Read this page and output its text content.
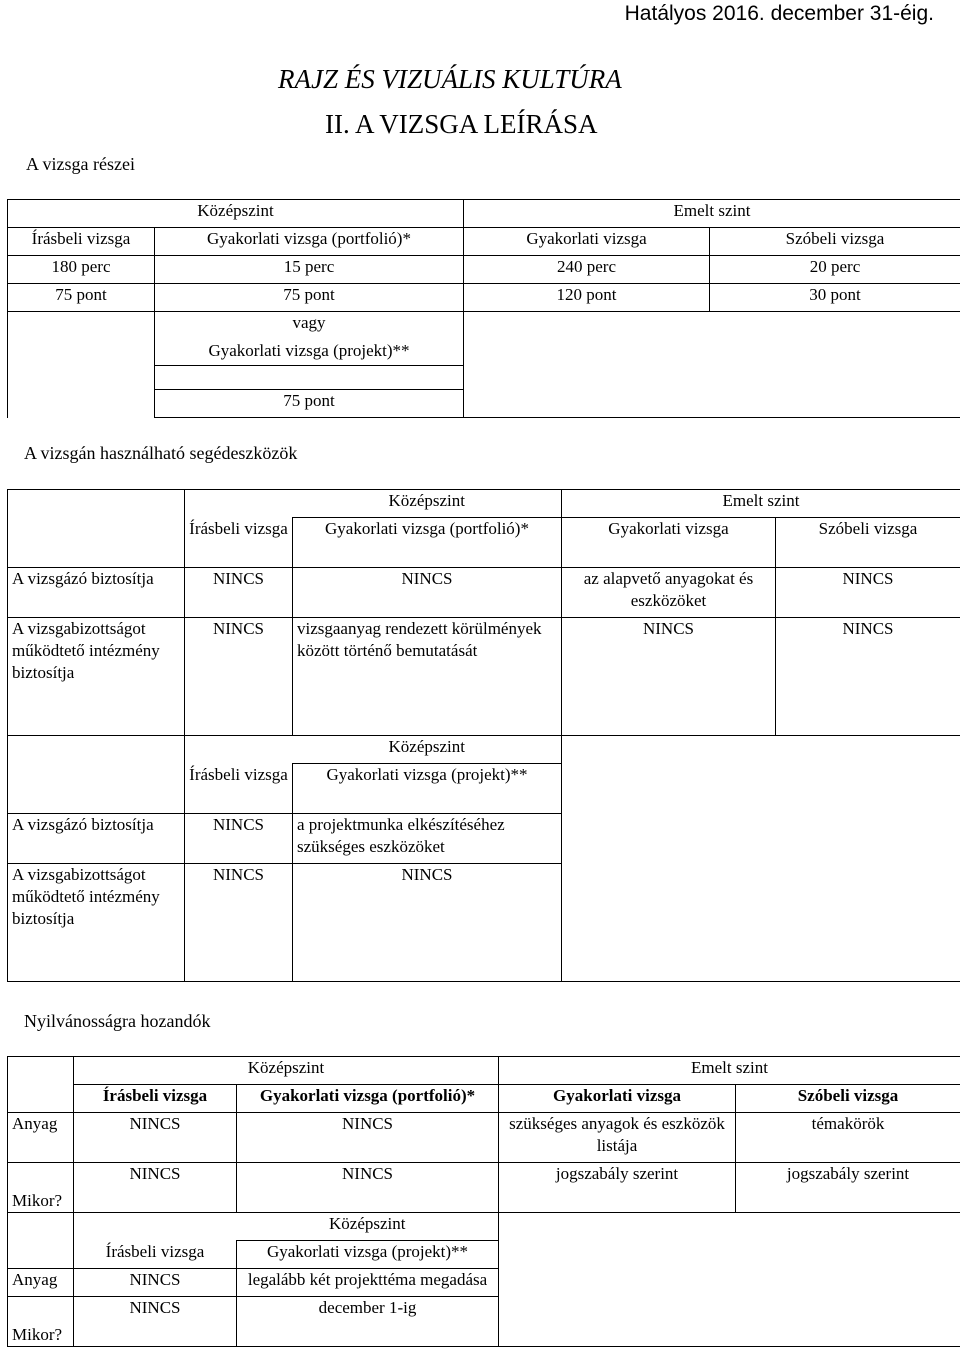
Hatályos 2016. december 31-éig.
RAJZ ÉS VIZUÁLIS KULTÚRA
II. A VIZSGA LEÍRÁSA
A vizsga részei
Középszint		Emelt szint	
Írásbeli vizsga	Gyakorlati vizsga (portfolió)*	Gyakorlati vizsga	Szóbeli vizsga
180 perc	15 perc	240 perc	20 perc
75 pont	75 pont	120 pont	30 pont
	vagy		
	Gyakorlati vizsga (projekt)**		

	75 pont		
A vizsgán használható segédeszközök
		Középszint	Emelt szint	
	Írásbeli vizsga	Gyakorlati vizsga (portfolió)*	Gyakorlati vizsga	Szóbeli vizsga
A vizsgázó biztosítja	NINCS	NINCS	az alapvető anyagokat és eszközöket	NINCS
A vizsgabizottságot működtető intézmény biztosítja	NINCS	vizsgaanyag rendezett körülmények között történő bemutatását	NINCS	NINCS
		Középszint		
	Írásbeli vizsga	Gyakorlati vizsga (projekt)**		
A vizsgázó biztosítja	NINCS	a projektmunka elkészítéséhez szükséges eszközöket		
A vizsgabizottságot működtető intézmény biztosítja	NINCS	NINCS		
Nyilvánosságra hozandók
	Középszint		Emelt szint	
	Írásbeli vizsga	Gyakorlati vizsga (portfolió)*	Gyakorlati vizsga	Szóbeli vizsga
Anyag	NINCS	NINCS	szükséges anyagok és eszközök listája	témakörök
Mikor?	NINCS	NINCS	jogszabály szerint	jogszabály szerint
		Középszint		
	Írásbeli vizsga	Gyakorlati vizsga (projekt)**		
Anyag	NINCS	legalább két projekttéma megadása		
Mikor?	NINCS	december 1-ig		
